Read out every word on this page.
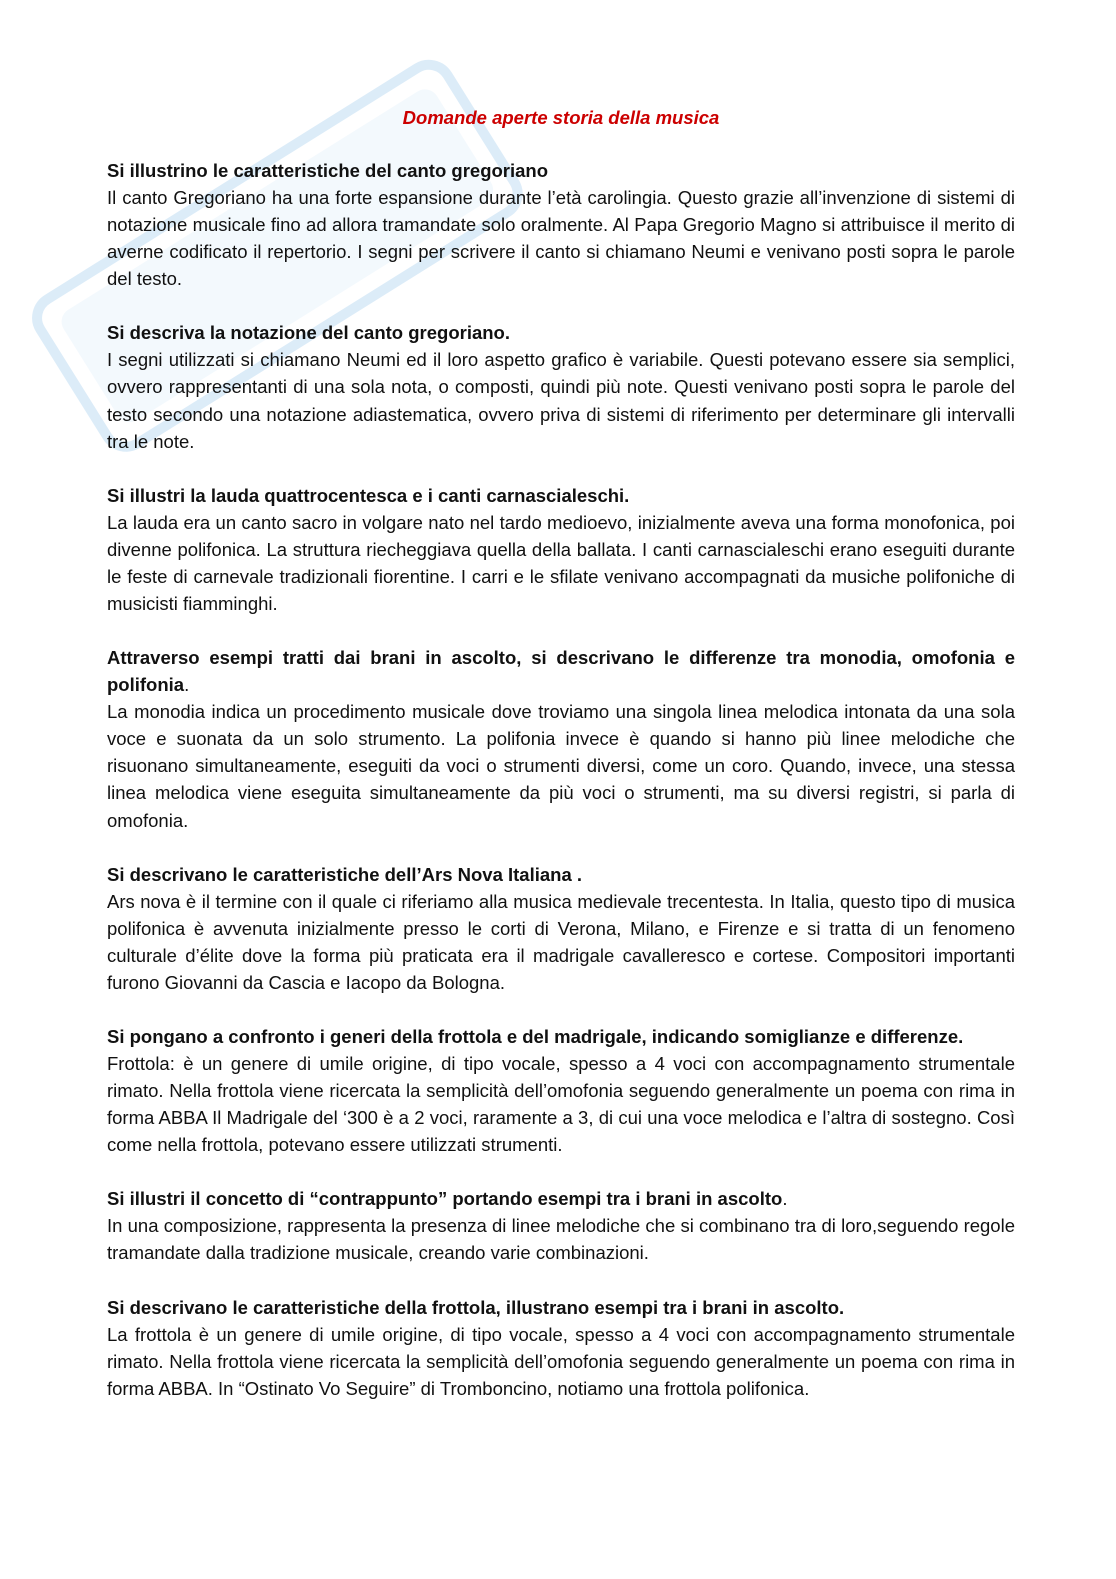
Domande aperte storia della musica

Si illustrino le caratteristiche del canto gregoriano

Il canto Gregoriano ha una forte espansione durante l’età carolingia. Questo grazie all’invenzione di sistemi di notazione musicale fino ad allora tramandate solo oralmente. Al Papa Gregorio Magno si attribuisce il merito di averne codificato il repertorio. I segni per scrivere il canto si chiamano Neumi e venivano posti sopra le parole del testo.

Si descriva la notazione del canto gregoriano.

I segni utilizzati si chiamano Neumi ed il loro aspetto grafico è variabile. Questi potevano essere sia semplici, ovvero rappresentanti di una sola nota, o composti, quindi più note. Questi venivano posti sopra le parole del testo secondo una notazione adiastematica, ovvero priva di sistemi di riferimento per determinare gli intervalli tra le note.

Si illustri la lauda quattrocentesca e i canti carnascialeschi.

La lauda era un canto sacro in volgare nato nel tardo medioevo, inizialmente aveva una forma monofonica, poi divenne polifonica. La struttura riecheggiava quella della ballata. I canti carnascialeschi erano eseguiti durante le feste di carnevale tradizionali fiorentine. I carri e le sfilate venivano accompagnati da musiche polifoniche di musicisti fiamminghi.

Attraverso esempi tratti dai brani in ascolto, si descrivano le differenze tra monodia, omofonia e polifonia.

La monodia indica un procedimento musicale dove troviamo una singola linea melodica intonata da una sola voce e suonata da un solo strumento. La polifonia invece è quando si hanno più linee melodiche che risuonano simultaneamente, eseguiti da voci o strumenti diversi, come un coro. Quando, invece, una stessa linea melodica viene eseguita simultaneamente da più voci o strumenti, ma su diversi registri, si parla di omofonia.

Si descrivano le caratteristiche dell’Ars Nova Italiana .

Ars nova è il termine con il quale ci riferiamo alla musica medievale trecentesta. In Italia, questo tipo di musica polifonica è avvenuta inizialmente presso le corti di Verona, Milano, e Firenze e si tratta di un fenomeno culturale d’élite dove la forma più praticata era il madrigale cavalleresco e cortese. Compositori importanti furono Giovanni da Cascia e Iacopo da Bologna.

Si pongano a confronto i generi della frottola e del madrigale, indicando somiglianze e differenze.

Frottola: è un genere di umile origine, di tipo vocale, spesso a 4 voci con accompagnamento strumentale rimato. Nella frottola viene ricercata la semplicità dell’omofonia seguendo generalmente un poema con rima in forma ABBA Il Madrigale del ‘300 è a 2 voci, raramente a 3, di cui una voce melodica e l’altra di sostegno. Così come nella frottola, potevano essere utilizzati strumenti.

Si illustri il concetto di “contrappunto” portando esempi tra i brani in ascolto.

In una composizione, rappresenta la presenza di linee melodiche che si combinano tra di loro,seguendo regole tramandate dalla tradizione musicale, creando varie combinazioni.

Si descrivano le caratteristiche della frottola, illustrano esempi tra i brani in ascolto.

La frottola è un genere di umile origine, di tipo vocale, spesso a 4 voci con accompagnamento strumentale rimato. Nella frottola viene ricercata la semplicità dell’omofonia seguendo generalmente un poema con rima in forma ABBA. In “Ostinato Vo Seguire” di Tromboncino, notiamo una frottola polifonica.
